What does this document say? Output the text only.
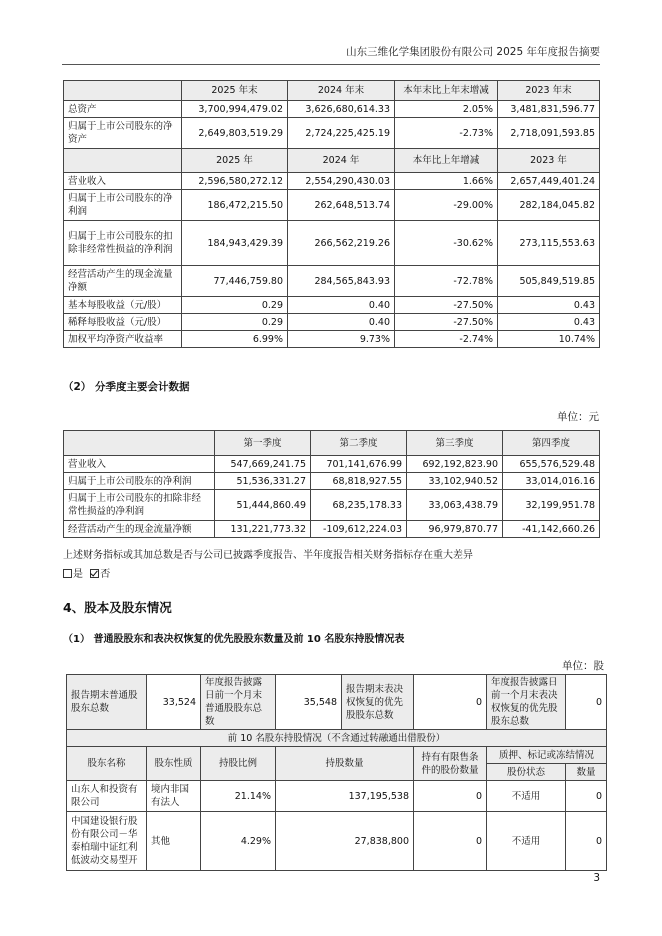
山东三维化学集团股份有限公司 2025 年年度报告摘要
	2025 年末	2024 年末	本年末比上年末增减	2023 年末
总资产	3,700,994,479.02	3,626,680,614.33	2.05%	3,481,831,596.77
归属于上市公司股东的净资产	2,649,803,519.29	2,724,225,425.19	-2.73%	2,718,091,593.85
	2025 年	2024 年	本年比上年增减	2023 年
营业收入	2,596,580,272.12	2,554,290,430.03	1.66%	2,657,449,401.24
归属于上市公司股东的净利润	186,472,215.50	262,648,513.74	-29.00%	282,184,045.82
归属于上市公司股东的扣除非经常性损益的净利润	184,943,429.39	266,562,219.26	-30.62%	273,115,553.63
经营活动产生的现金流量净额	77,446,759.80	284,565,843.93	-72.78%	505,849,519.85
基本每股收益（元/股）	0.29	0.40	-27.50%	0.43
稀释每股收益（元/股）	0.29	0.40	-27.50%	0.43
加权平均净资产收益率	6.99%	9.73%	-2.74%	10.74%
（2） 分季度主要会计数据
单位：元
	第一季度	第二季度	第三季度	第四季度
营业收入	547,669,241.75	701,141,676.99	692,192,823.90	655,576,529.48
归属于上市公司股东的净利润	51,536,331.27	68,818,927.55	33,102,940.52	33,014,016.16
归属于上市公司股东的扣除非经常性损益的净利润	51,444,860.49	68,235,178.33	33,063,438.79	32,199,951.78
经营活动产生的现金流量净额	131,221,773.32	-109,612,224.03	96,979,870.77	-41,142,660.26
上述财务指标或其加总数是否与公司已披露季度报告、半年度报告相关财务指标存在重大差异
是 否
4、股本及股东情况
（1） 普通股股东和表决权恢复的优先股股东数量及前 10 名股东持股情况表
单位：股
报告期末普通股股东总数	33,524	年度报告披露日前一个月末普通股股东总数	35,548	报告期末表决权恢复的优先股股东总数	0	年度报告披露日前一个月末表决权恢复的优先股股东总数	0
前 10 名股东持股情况（不含通过转融通出借股份）							
股东名称	股东性质	持股比例	持股数量		持有有限售条件的股份数量	质押、标记或冻结情况	
						股份状态	数量
山东人和投资有限公司	境内非国有法人	21.14%	137,195,538		0	不适用	0
中国建设银行股份有限公司－华泰柏瑞中证红利低波动交易型开	其他	4.29%	27,838,800		0	不适用	0
3
